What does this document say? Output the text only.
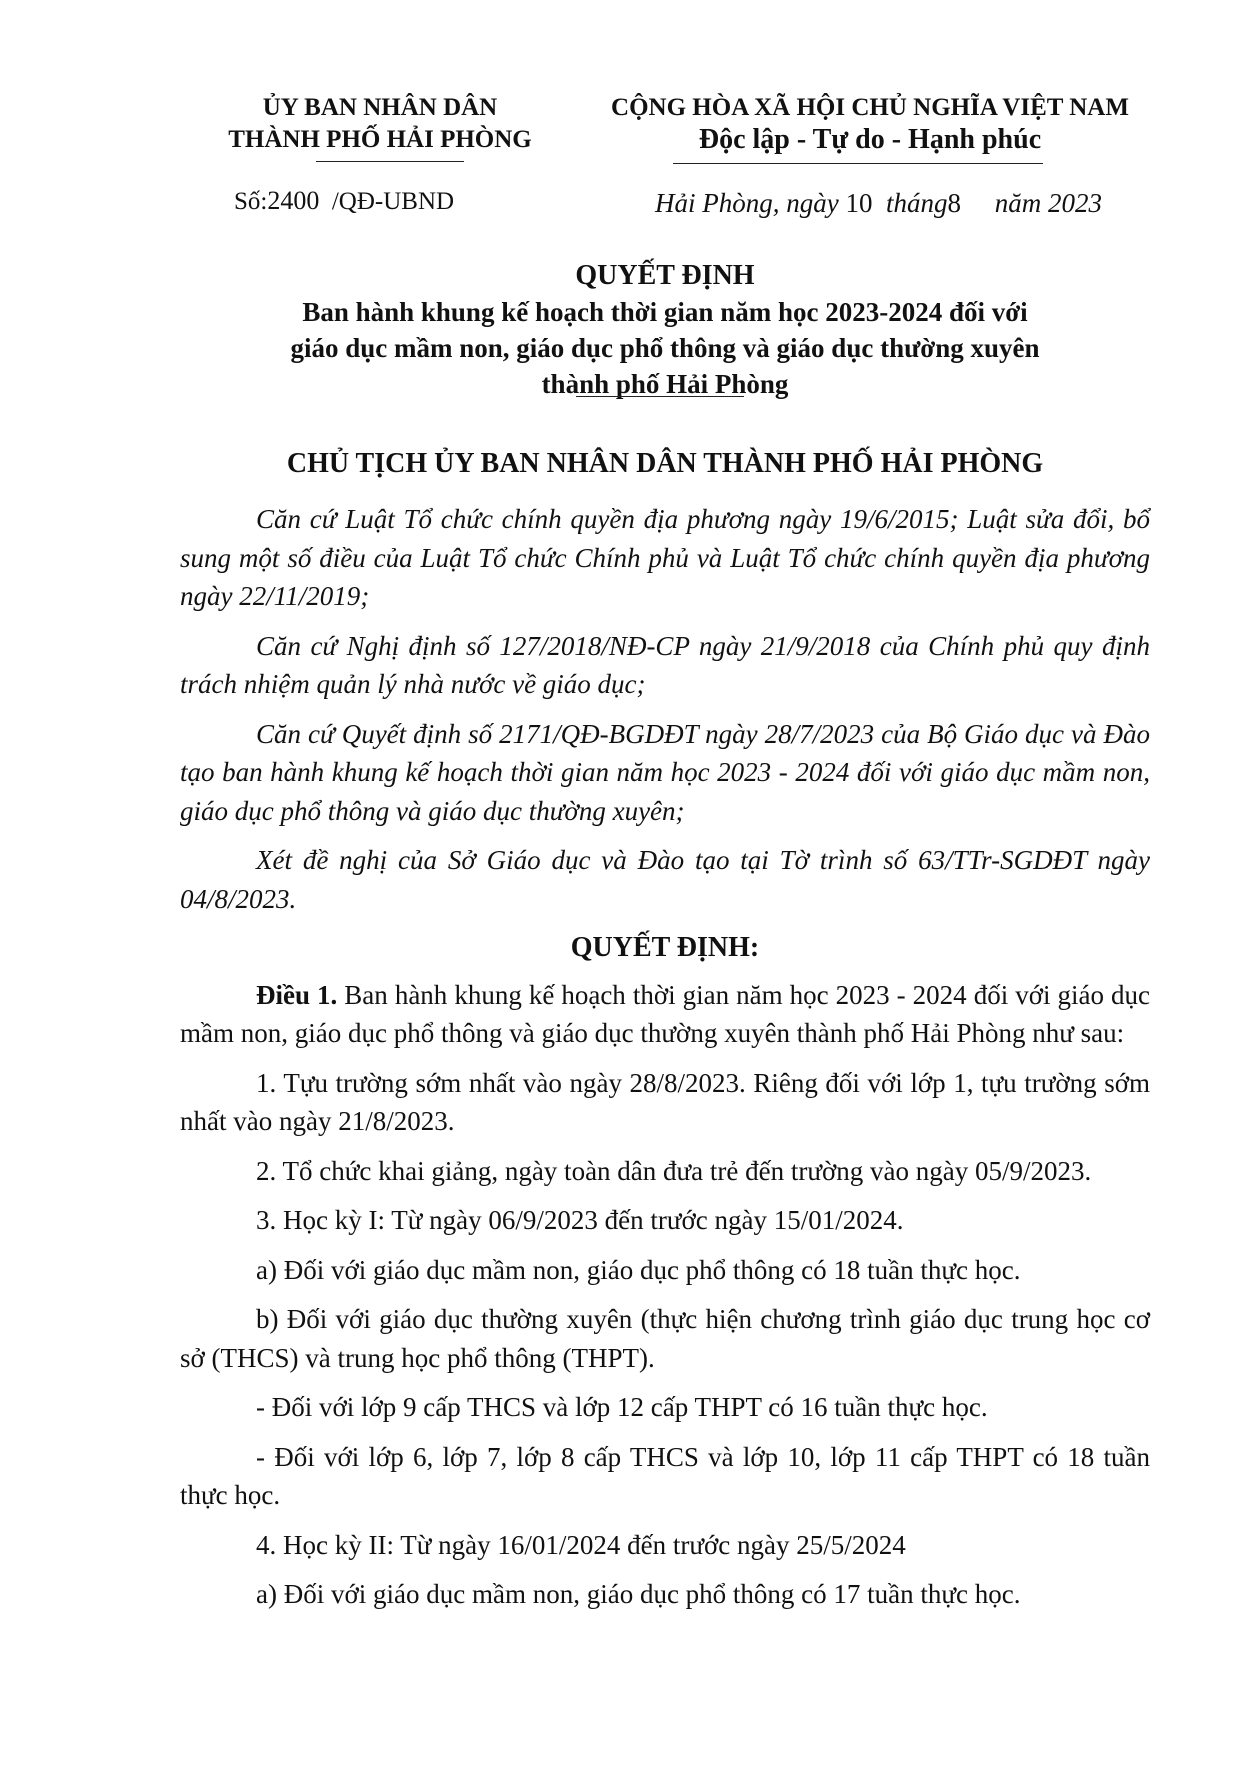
ỦY BAN NHÂN DÂN
THÀNH PHỐ HẢI PHÒNG
CỘNG HÒA XÃ HỘI CHỦ NGHĨA VIỆT NAM
Độc lập - Tự do - Hạnh phúc
Số:2400 /QĐ-UBND	Hải Phòng, ngày 10 tháng8 năm 2023
QUYẾT ĐỊNH
Ban hành khung kế hoạch thời gian năm học 2023-2024 đối với
giáo dục mầm non, giáo dục phổ thông và giáo dục thường xuyên
thành phố Hải Phòng
CHỦ TỊCH ỦY BAN NHÂN DÂN THÀNH PHỐ HẢI PHÒNG

Căn cứ Luật Tổ chức chính quyền địa phương ngày 19/6/2015; Luật sửa đổi, bổ sung một số điều của Luật Tổ chức Chính phủ và Luật Tổ chức chính quyền địa phương ngày 22/11/2019;

Căn cứ Nghị định số 127/2018/NĐ-CP ngày 21/9/2018 của Chính phủ quy định trách nhiệm quản lý nhà nước về giáo dục;

Căn cứ Quyết định số 2171/QĐ-BGDĐT ngày 28/7/2023 của Bộ Giáo dục và Đào tạo ban hành khung kế hoạch thời gian năm học 2023 - 2024 đối với giáo dục mầm non, giáo dục phổ thông và giáo dục thường xuyên;

Xét đề nghị của Sở Giáo dục và Đào tạo tại Tờ trình số 63/TTr-SGDĐT ngày 04/8/2023.

QUYẾT ĐỊNH:

Điều 1. Ban hành khung kế hoạch thời gian năm học 2023 - 2024 đối với giáo dục mầm non, giáo dục phổ thông và giáo dục thường xuyên thành phố Hải Phòng như sau:

1. Tựu trường sớm nhất vào ngày 28/8/2023. Riêng đối với lớp 1, tựu trường sớm nhất vào ngày 21/8/2023.

2. Tổ chức khai giảng, ngày toàn dân đưa trẻ đến trường vào ngày 05/9/2023.

3. Học kỳ I: Từ ngày 06/9/2023 đến trước ngày 15/01/2024.

a) Đối với giáo dục mầm non, giáo dục phổ thông có 18 tuần thực học.

b) Đối với giáo dục thường xuyên (thực hiện chương trình giáo dục trung học cơ sở (THCS) và trung học phổ thông (THPT).

- Đối với lớp 9 cấp THCS và lớp 12 cấp THPT có 16 tuần thực học.

- Đối với lớp 6, lớp 7, lớp 8 cấp THCS và lớp 10, lớp 11 cấp THPT có 18 tuần thực học.

4. Học kỳ II: Từ ngày 16/01/2024 đến trước ngày 25/5/2024

a) Đối với giáo dục mầm non, giáo dục phổ thông có 17 tuần thực học.
